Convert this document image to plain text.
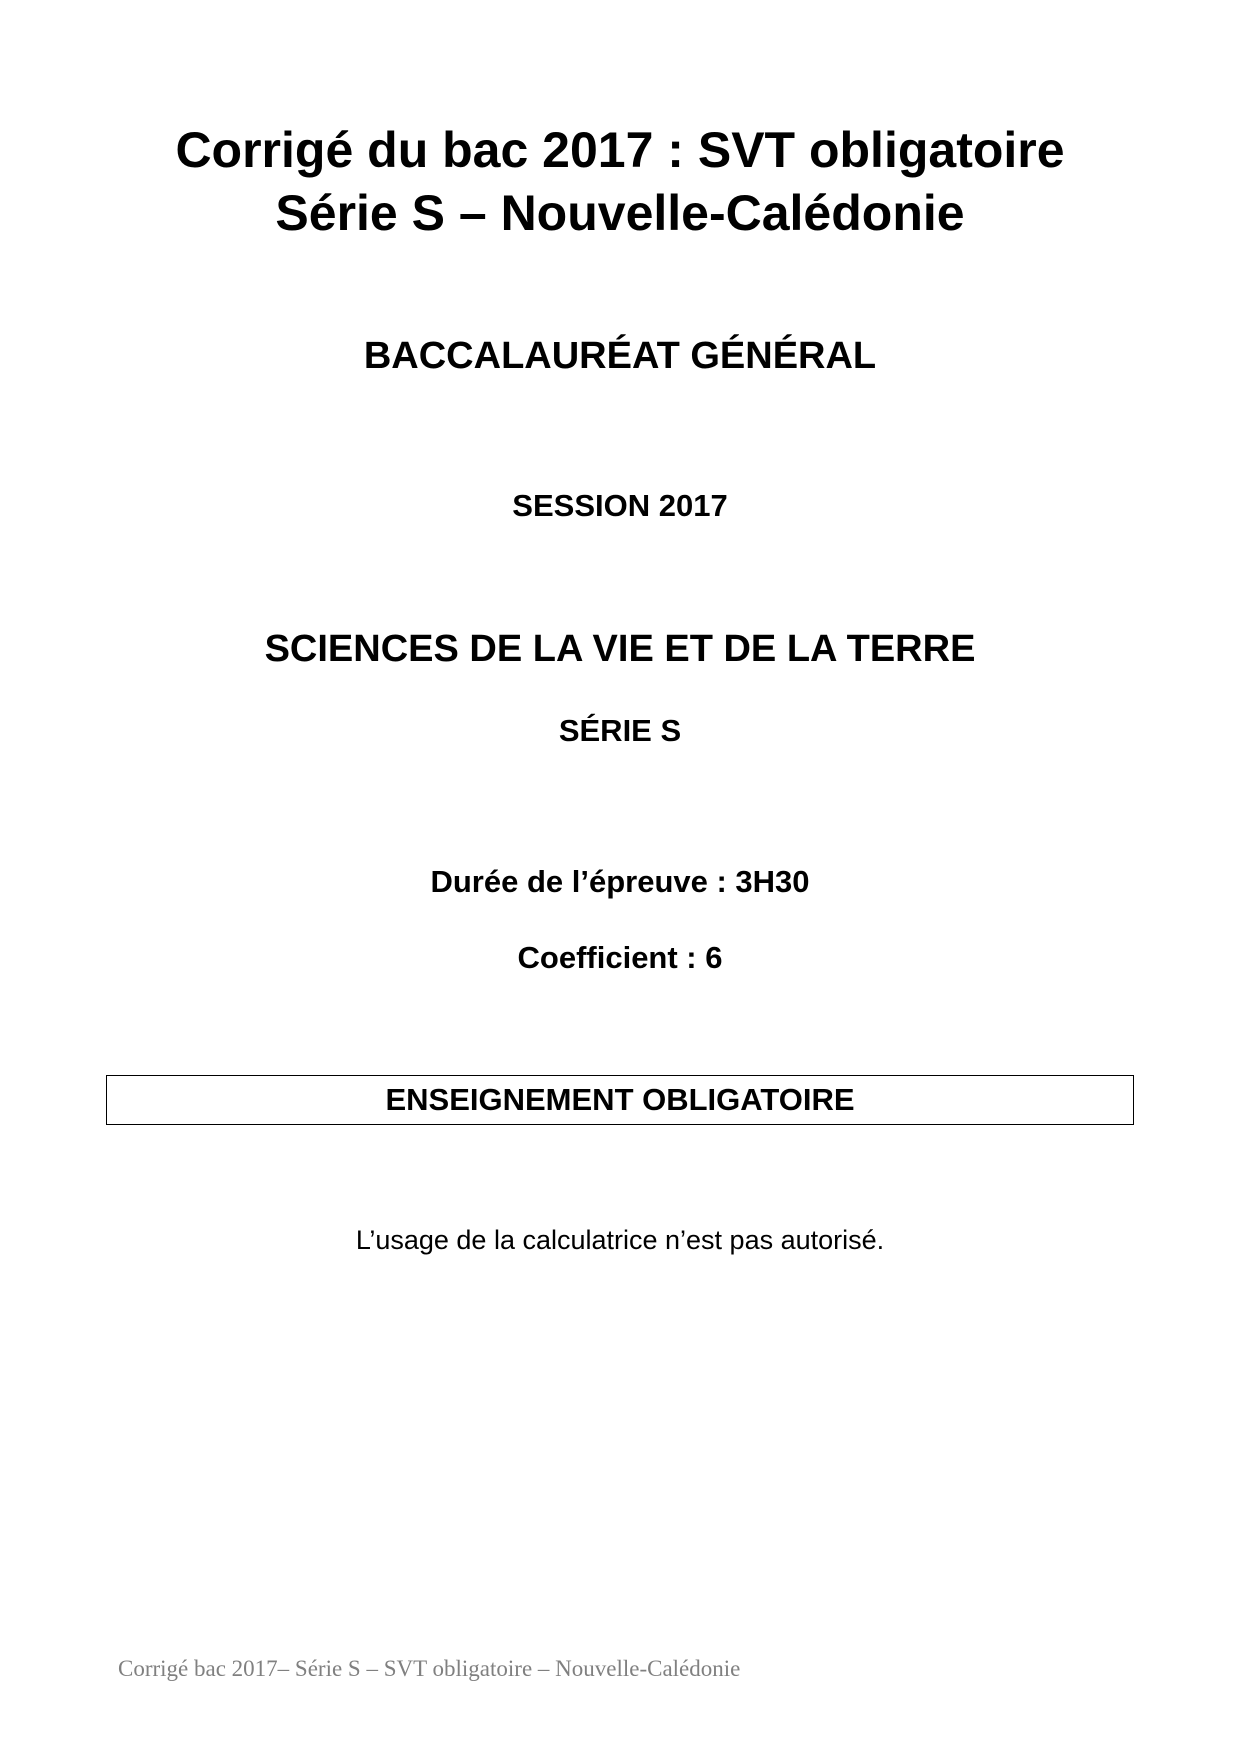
Corrigé du bac 2017 : SVT obligatoire
Série S – Nouvelle-Calédonie
BACCALAURÉAT GÉNÉRAL
SESSION 2017
SCIENCES DE LA VIE ET DE LA TERRE
SÉRIE S
Durée de l’épreuve : 3H30
Coefficient : 6
ENSEIGNEMENT OBLIGATOIRE
L’usage de la calculatrice n’est pas autorisé.
Corrigé bac 2017– Série S – SVT obligatoire – Nouvelle-Calédonie
